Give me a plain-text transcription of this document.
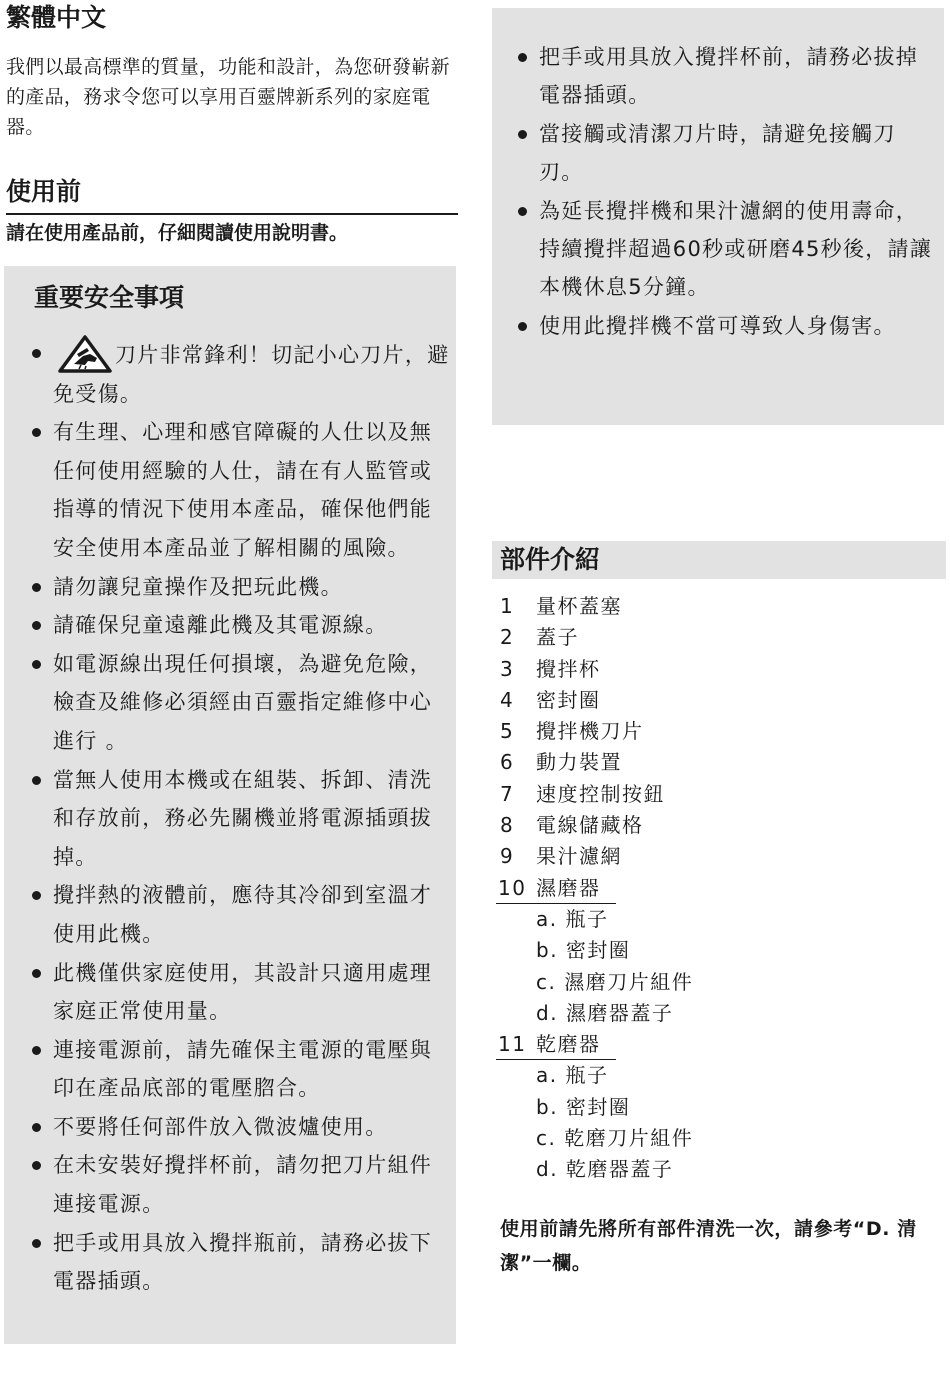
繁體中文

我們以最高標準的質量，功能和設計，為您研發嶄新的產品，務求令您可以享用百靈牌新系列的家庭電器。

使用前

請在使用產品前，仔細閱讀使用說明書。

重要安全事項
刀片非常鋒利！切記小心刀片，避免受傷。
有生理、心理和感官障礙的人仕以及無任何使用經驗的人仕，請在有人監管或指導的情況下使用本產品，確保他們能安全使用本產品並了解相關的風險。
請勿讓兒童操作及把玩此機。
請確保兒童遠離此機及其電源線。
如電源線出現任何損壞，為避免危險，檢查及維修必須經由百靈指定維修中心進行 。
當無人使用本機或在組裝、拆卸、清洗和存放前，務必先關機並將電源插頭拔掉。
攪拌熱的液體前，應待其冷卻到室溫才使用此機。
此機僅供家庭使用，其設計只適用處理家庭正常使用量。
連接電源前，請先確保主電源的電壓與印在產品底部的電壓脗合。
不要將任何部件放入微波爐使用。
在未安裝好攪拌杯前，請勿把刀片組件連接電源。
把手或用具放入攪拌瓶前，請務必拔下電器插頭。
把手或用具放入攪拌杯前，請務必拔掉電器插頭。
當接觸或清潔刀片時，請避免接觸刀刃。
為延長攪拌機和果汁濾網的使用壽命，持續攪拌超過60秒或研磨45秒後，請讓本機休息5分鐘。
使用此攪拌機不當可導致人身傷害。
部件介紹
1 量杯蓋塞
2 蓋子
3 攪拌杯
4 密封圈
5 攪拌機刀片
6 動力裝置
7 速度控制按鈕
8 電線儲藏格
9 果汁濾網
10 濕磨器
a. 瓶子
b. 密封圈
c. 濕磨刀片組件
d. 濕磨器蓋子
11 乾磨器
a. 瓶子
b. 密封圈
c. 乾磨刀片組件
d. 乾磨器蓋子

使用前請先將所有部件清洗一次，請參考“D. 清潔”一欄。
